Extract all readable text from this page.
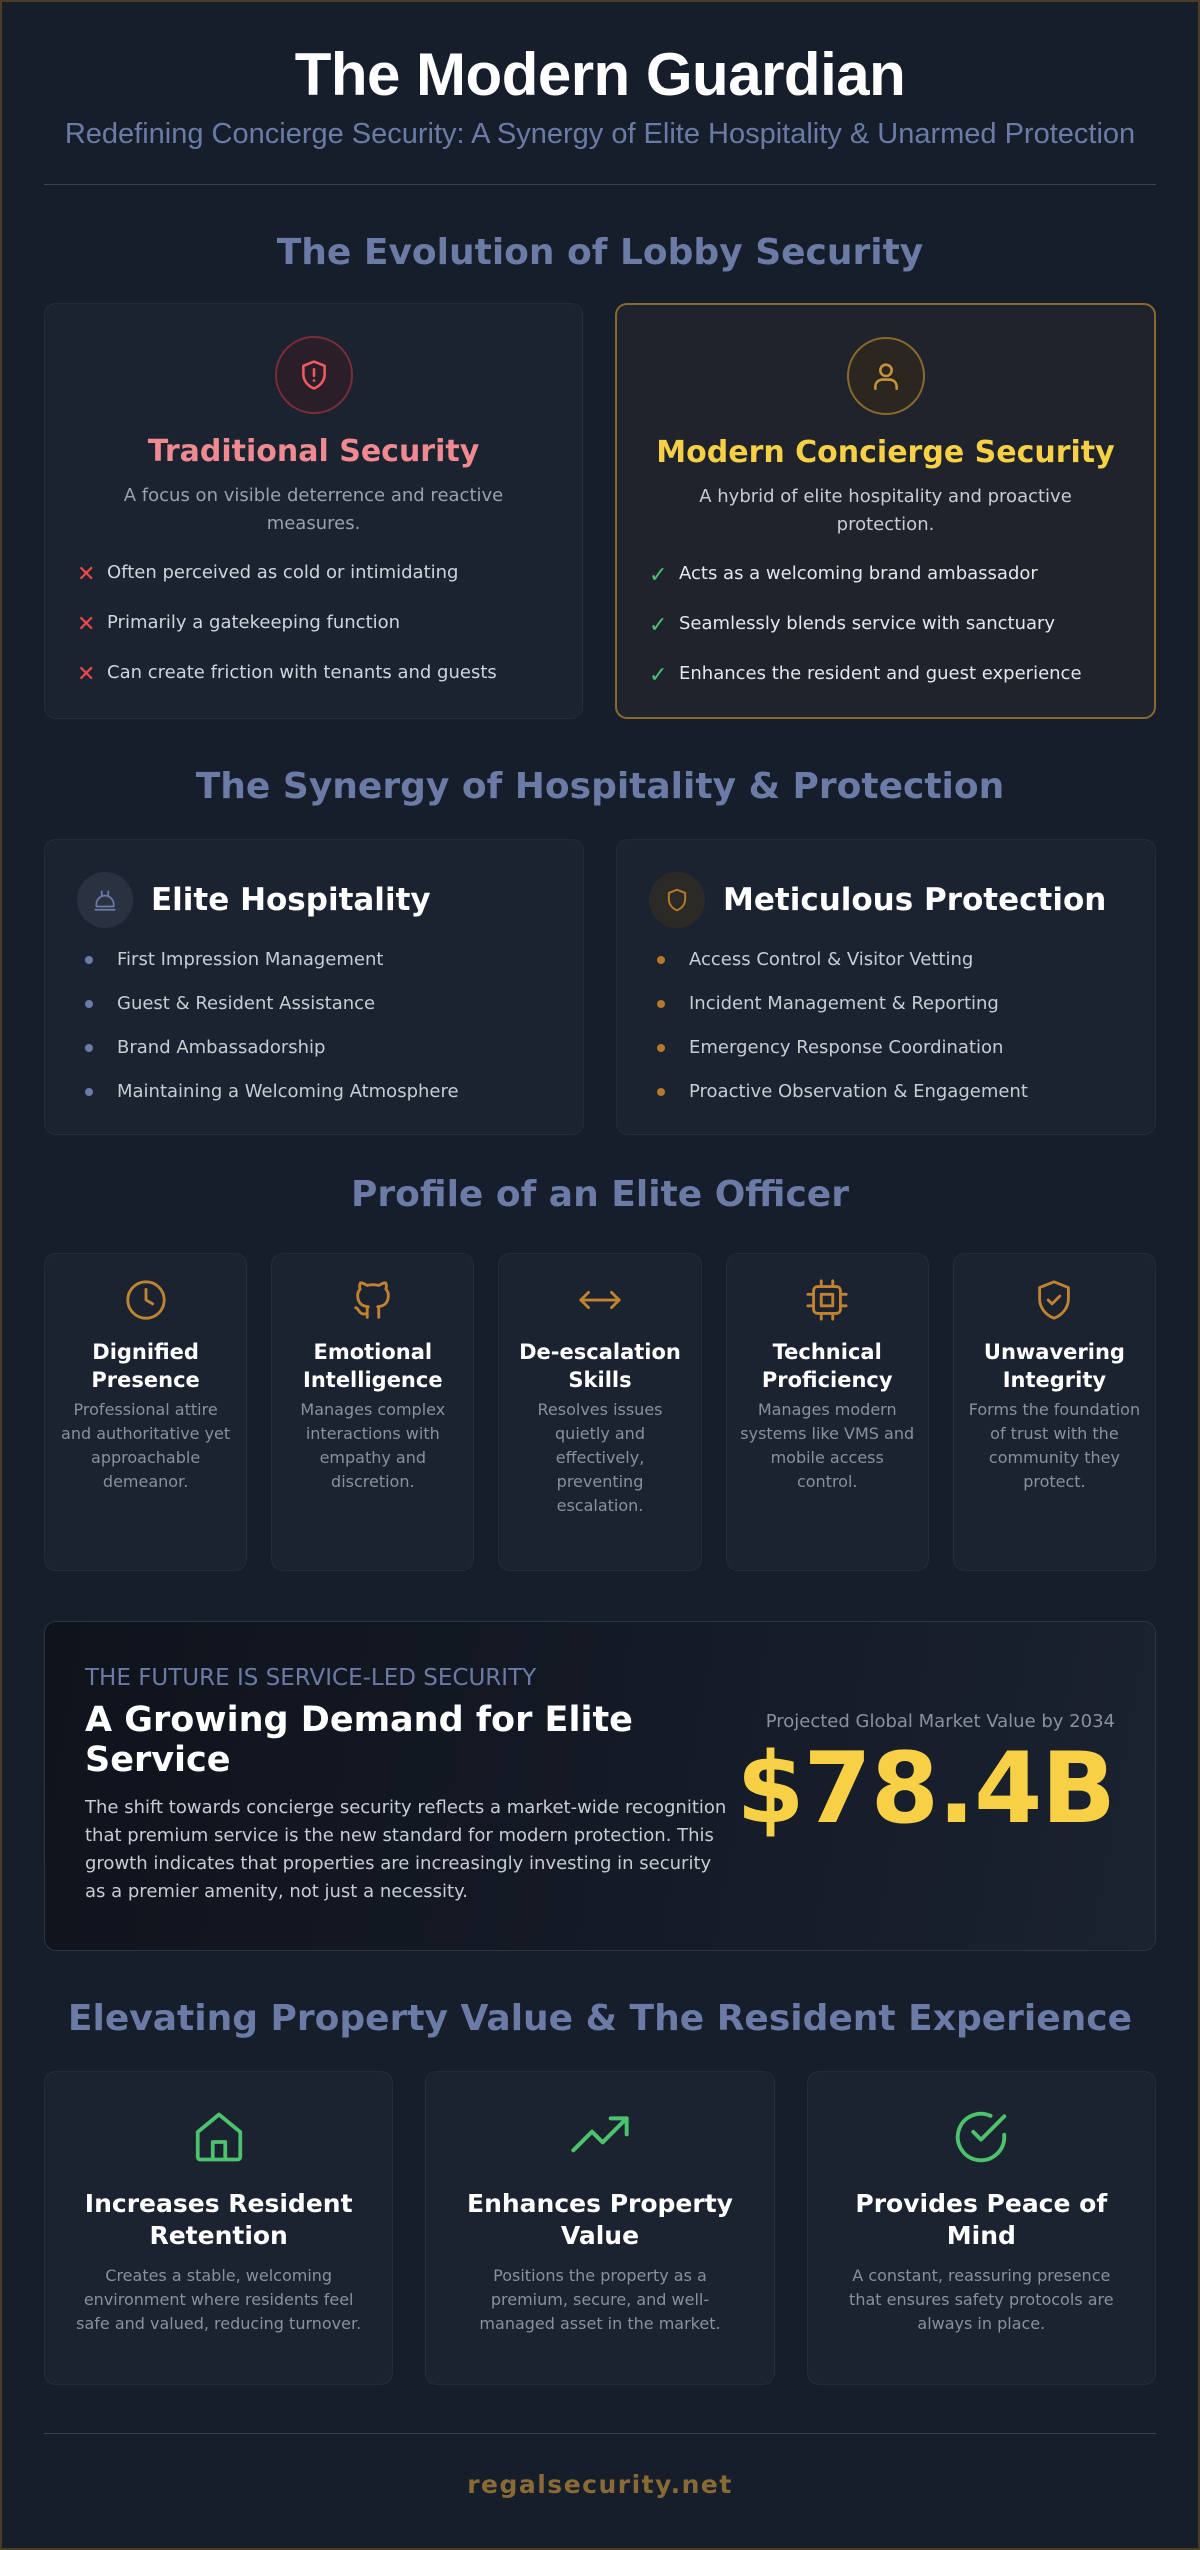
The Modern Guardian
Redefining Concierge Security: A Synergy of Elite Hospitality & Unarmed Protection
The Evolution of Lobby Security
Traditional Security
A focus on visible deterrence and reactive measures.
✕ Often perceived as cold or intimidating
✕ Primarily a gatekeeping function
✕ Can create friction with tenants and guests
Modern Concierge Security
A hybrid of elite hospitality and proactive protection.
✓ Acts as a welcoming brand ambassador
✓ Seamlessly blends service with sanctuary
✓ Enhances the resident and guest experience
The Synergy of Hospitality & Protection
Elite Hospitality
First Impression Management
Guest & Resident Assistance
Brand Ambassadorship
Maintaining a Welcoming Atmosphere
Meticulous Protection
Access Control & Visitor Vetting
Incident Management & Reporting
Emergency Response Coordination
Proactive Observation & Engagement
Profile of an Elite Officer
Dignified Presence
Professional attire and authoritative yet approachable demeanor.
Emotional Intelligence
Manages complex interactions with empathy and discretion.
De-escalation Skills
Resolves issues quietly and effectively, preventing escalation.
Technical Proficiency
Manages modern systems like VMS and mobile access control.
Unwavering Integrity
Forms the foundation of trust with the community they protect.
THE FUTURE IS SERVICE-LED SECURITY
A Growing Demand for Elite Service
The shift towards concierge security reflects a market-wide recognition that premium service is the new standard for modern protection. This growth indicates that properties are increasingly investing in security as a premier amenity, not just a necessity.
Projected Global Market Value by 2034
$78.4B
Elevating Property Value & The Resident Experience
Increases Resident Retention
Creates a stable, welcoming environment where residents feel safe and valued, reducing turnover.
Enhances Property Value
Positions the property as a premium, secure, and well-managed asset in the market.
Provides Peace of Mind
A constant, reassuring presence that ensures safety protocols are always in place.
regalsecurity.net
